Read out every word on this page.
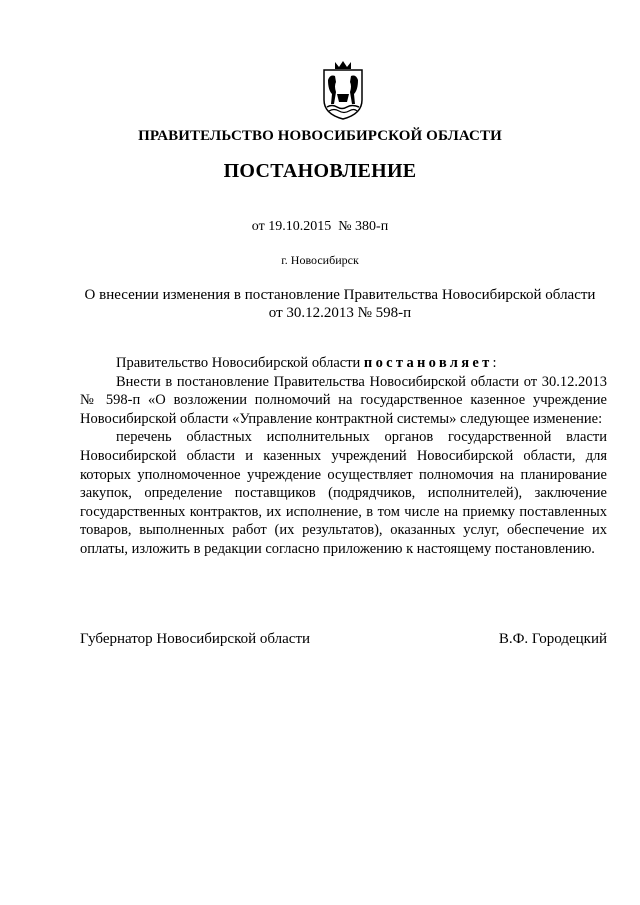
ПРАВИТЕЛЬСТВО НОВОСИБИРСКОЙ ОБЛАСТИ
ПОСТАНОВЛЕНИЕ
от 19.10.2015  № 380-п
г. Новосибирск
О внесении изменения в постановление Правительства Новосибирской области
от 30.12.2013 № 598-п

Правительство Новосибирской области постановляет:

Внести в постановление Правительства Новосибирской области от 30.12.2013 № 598-п «О возложении полномочий на государственное казенное учреждение Новосибирской области «Управление контрактной системы» следующее изменение:

перечень областных исполнительных органов государственной власти Новосибирской области и казенных учреждений Новосибирской области, для которых уполномоченное учреждение осуществляет полномочия на планирование закупок, определение поставщиков (подрядчиков, исполнителей), заключение государственных контрактов, их исполнение, в том числе на приемку поставленных товаров, выполненных работ (их результатов), оказанных услуг, обеспечение их оплаты, изложить в редакции согласно приложению к настоящему постановлению.

Губернатор Новосибирской области	В.Ф. Городецкий
